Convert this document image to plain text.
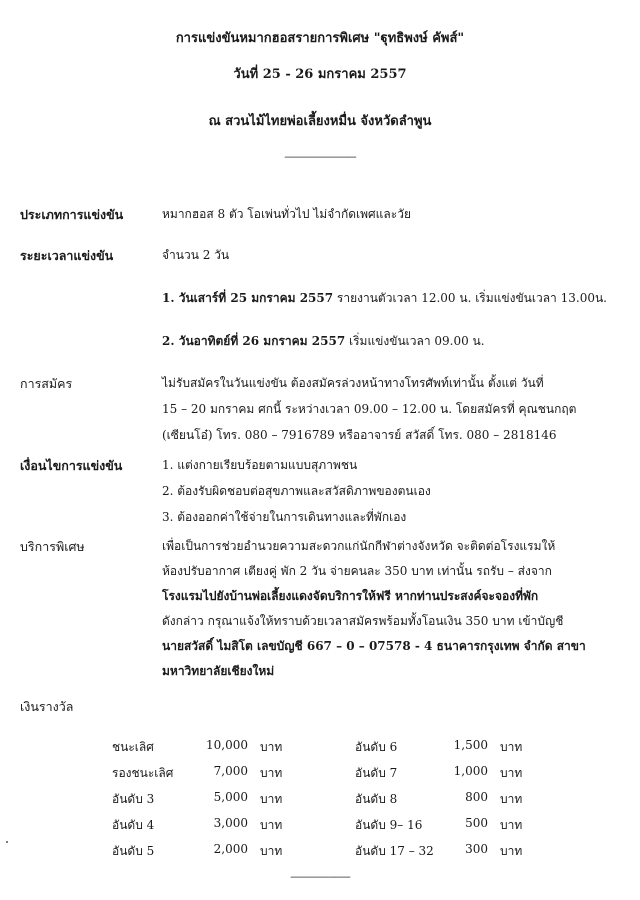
การแข่งขันหมากฮอสรายการพิเศษ "ฐุทธิพงษ์ คัพส์"
วันที่ 25 - 26 มกราคม 2557
ณ สวนไม้ไทยพ่อเลี้ยงหมื่น จังหวัดลำพูน
------------------------------
ประเภทการแข่งขัน	หมากฮอส 8 ตัว โอเพ่นทั่วไป ไม่จำกัดเพศและวัย
ระยะเวลาแข่งขัน	จำนวน 2 วัน
1. วันเสาร์ที่ 25 มกราคม 2557 รายงานตัวเวลา 12.00 น. เริ่มแข่งขันเวลา 13.00น.
2. วันอาทิตย์ที่ 26 มกราคม 2557 เริ่มแข่งขันเวลา 09.00 น.
การสมัคร	ไม่รับสมัครในวันแข่งขัน ต้องสมัครล่วงหน้าทางโทรศัพท์เท่านั้น ตั้งแต่ วันที่
15 – 20 มกราคม ศกนี้ ระหว่างเวลา 09.00 – 12.00 น. โดยสมัครที่ คุณชนกฤต
(เซียนโอ๋) โทร. 080 – 7916789 หรืออาจารย์ สวัสดิ์ โทร. 080 – 2818146
เงื่อนไขการแข่งขัน	1. แต่งกายเรียบร้อยตามแบบสุภาพชน
2. ต้องรับผิดชอบต่อสุขภาพและสวัสดิภาพของตนเอง
3. ต้องออกค่าใช้จ่ายในการเดินทางและที่พักเอง
บริการพิเศษ	เพื่อเป็นการช่วยอำนวยความสะดวกแก่นักกีฬาต่างจังหวัด จะติดต่อโรงแรมให้
ห้องปรับอากาศ เตียงคู่ พัก 2 วัน จ่ายคนละ 350 บาท เท่านั้น รถรับ – ส่งจาก
โรงแรมไปยังบ้านพ่อเลี้ยงแดงจัดบริการให้ฟรี หากท่านประสงค์จะจองที่พัก
ดังกล่าว กรุณาแจ้งให้ทราบด้วยเวลาสมัครพร้อมทั้งโอนเงิน 350 บาท เข้าบัญชี
นายสวัสดิ์ ไมสิโต เลขบัญชี 667 – 0 – 07578 - 4 ธนาคารกรุงเทพ จำกัด สาขา
มหาวิทยาลัยเชียงใหม่
เงินรางวัล
ชนะเลิศ	10,000 บาท	อันดับ 6	1,500 บาท
รองชนะเลิศ	7,000 บาท	อันดับ 7	1,000 บาท
อันดับ 3	5,000 บาท	อันดับ 8	800 บาท
อันดับ 4	3,000 บาท	อันดับ 9– 16	500 บาท
อันดับ 5	2,000 บาท	อันดับ 17 – 32	300 บาท
-------------------------
